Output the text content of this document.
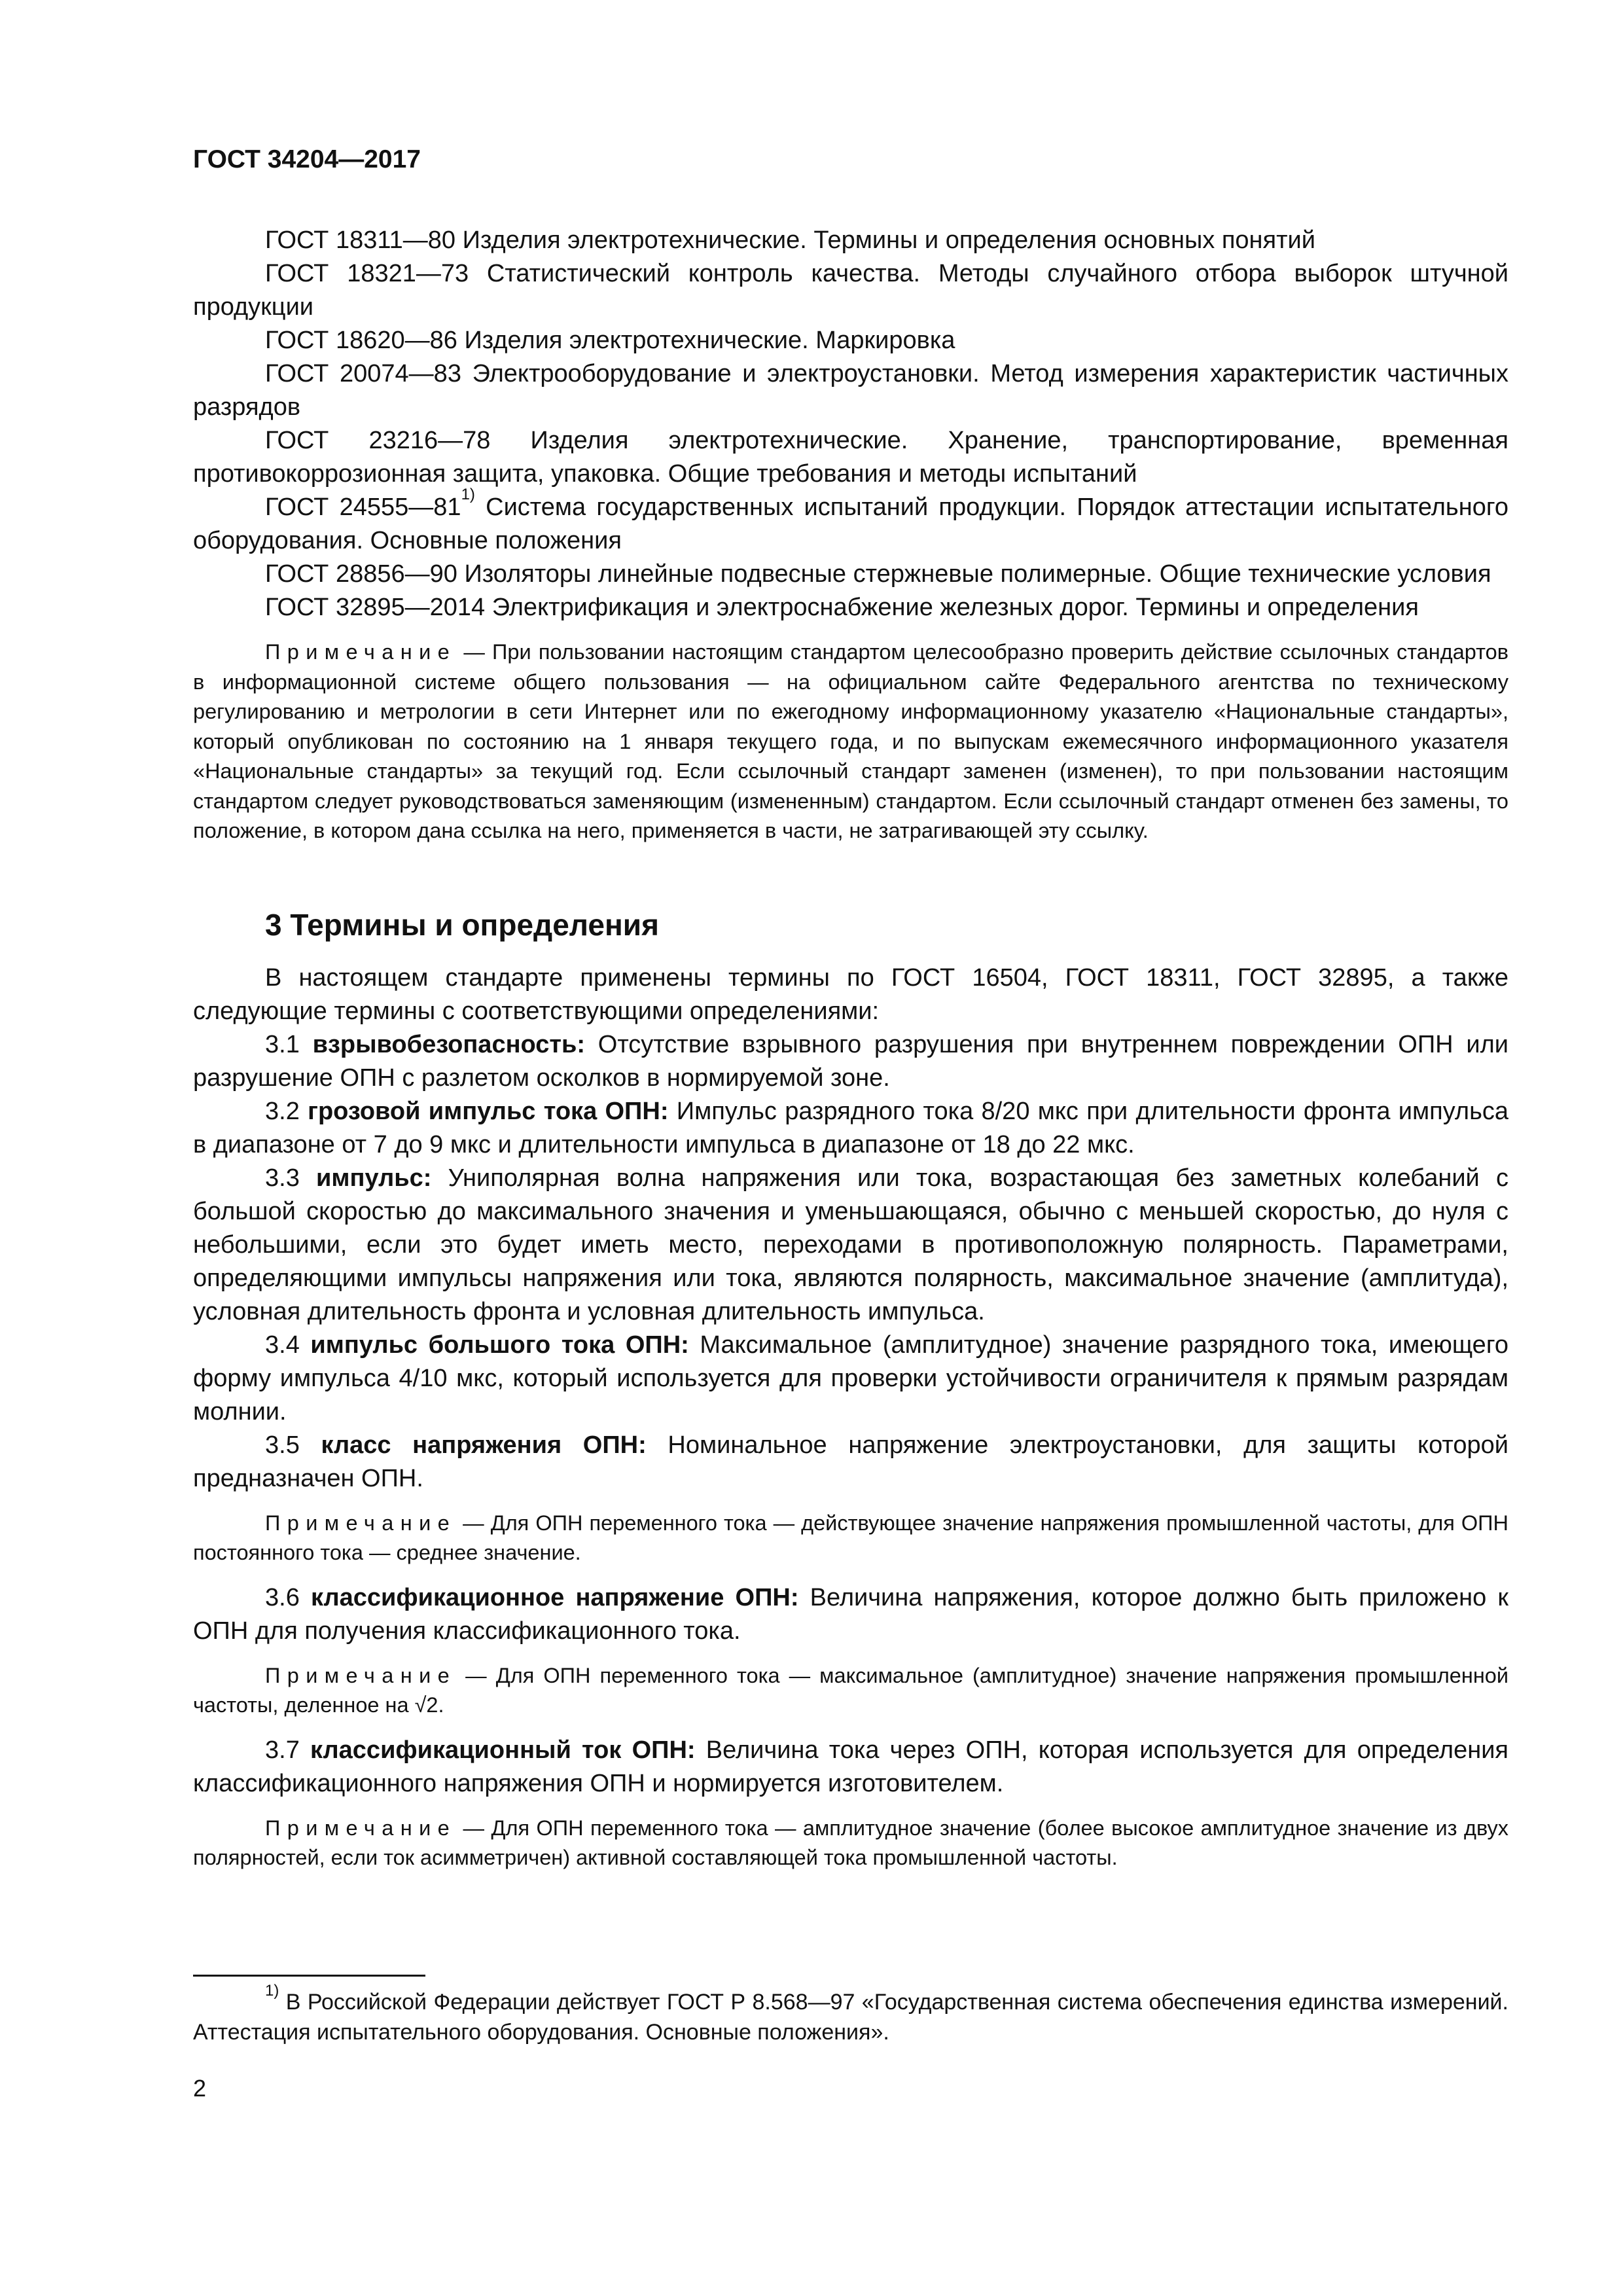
ГОСТ 34204—2017

ГОСТ 18311—80 Изделия электротехнические. Термины и определения основных понятий

ГОСТ 18321—73 Статистический контроль качества. Методы случайного отбора выборок штучной продукции

ГОСТ 18620—86 Изделия электротехнические. Маркировка

ГОСТ 20074—83 Электрооборудование и электроустановки. Метод измерения характеристик частичных разрядов

ГОСТ 23216—78 Изделия электротехнические. Хранение, транспортирование, временная противокоррозионная защита, упаковка. Общие требования и методы испытаний

ГОСТ 24555—81$^{1)}$ Система государственных испытаний продукции. Порядок аттестации испытательного оборудования. Основные положения

ГОСТ 28856—90 Изоляторы линейные подвесные стержневые полимерные. Общие технические условия

ГОСТ 32895—2014 Электрификация и электроснабжение железных дорог. Термины и определения

Примечание — При пользовании настоящим стандартом целесообразно проверить действие ссылочных стандартов в информационной системе общего пользования — на официальном сайте Федерального агентства по техническому регулированию и метрологии в сети Интернет или по ежегодному информационному указателю «Национальные стандарты», который опубликован по состоянию на 1 января текущего года, и по выпускам ежемесячного информационного указателя «Национальные стандарты» за текущий год. Если ссылочный стандарт заменен (изменен), то при пользовании настоящим стандартом следует руководствоваться заменяющим (измененным) стандартом. Если ссылочный стандарт отменен без замены, то положение, в котором дана ссылка на него, применяется в части, не затрагивающей эту ссылку.

3 Термины и определения

В настоящем стандарте применены термины по ГОСТ 16504, ГОСТ 18311, ГОСТ 32895, а также следующие термины с соответствующими определениями:

3.1 взрывобезопасность: Отсутствие взрывного разрушения при внутреннем повреждении ОПН или разрушение ОПН с разлетом осколков в нормируемой зоне.

3.2 грозовой импульс тока ОПН: Импульс разрядного тока 8/20 мкс при длительности фронта импульса в диапазоне от 7 до 9 мкс и длительности импульса в диапазоне от 18 до 22 мкс.

3.3 импульс: Униполярная волна напряжения или тока, возрастающая без заметных колебаний с большой скоростью до максимального значения и уменьшающаяся, обычно с меньшей скоростью, до нуля с небольшими, если это будет иметь место, переходами в противоположную полярность. Параметрами, определяющими импульсы напряжения или тока, являются полярность, максимальное значение (амплитуда), условная длительность фронта и условная длительность импульса.

3.4 импульс большого тока ОПН: Максимальное (амплитудное) значение разрядного тока, имеющего форму импульса 4/10 мкс, который используется для проверки устойчивости ограничителя к прямым разрядам молнии.

3.5 класс напряжения ОПН: Номинальное напряжение электроустановки, для защиты которой предназначен ОПН.

Примечание — Для ОПН переменного тока — действующее значение напряжения промышленной частоты, для ОПН постоянного тока — среднее значение.

3.6 классификационное напряжение ОПН: Величина напряжения, которое должно быть приложено к ОПН для получения классификационного тока.

Примечание — Для ОПН переменного тока — максимальное (амплитудное) значение напряжения промышленной частоты, деленное на √2.

3.7 классификационный ток ОПН: Величина тока через ОПН, которая используется для определения классификационного напряжения ОПН и нормируется изготовителем.

Примечание — Для ОПН переменного тока — амплитудное значение (более высокое амплитудное значение из двух полярностей, если ток асимметричен) активной составляющей тока промышленной частоты.

$^{1)}$ В Российской Федерации действует ГОСТ Р 8.568—97 «Государственная система обеспечения единства измерений. Аттестация испытательного оборудования. Основные положения».

2
